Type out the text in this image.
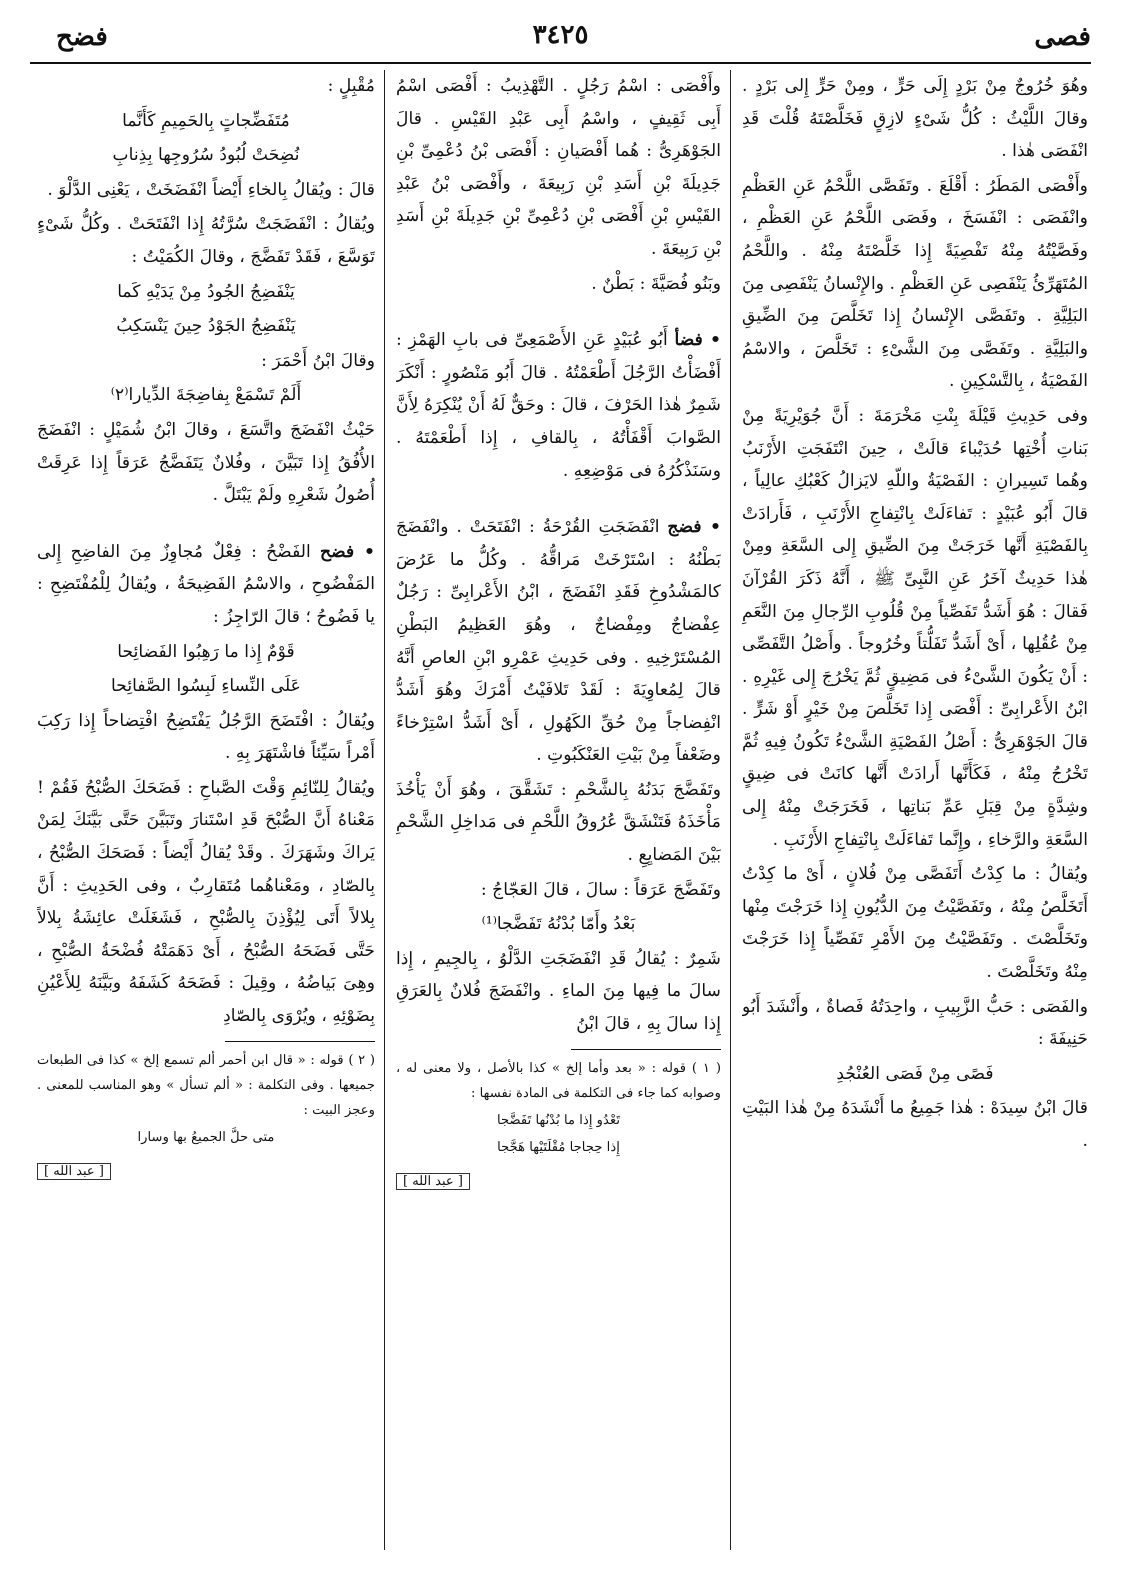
فصى
٣٤٢٥
فضح

وهُوَ خُرُوجٌ مِنْ بَرْدٍ إِلَى حَرٍّ ، ومِنْ حَرٍّ إِلى بَرْدٍ . وقالَ اللَّيْثُ : كُلُّ شَىْءٍ لازِقٍ فَخَلَّصْتَهُ قُلْتَ قَدِ انْفَصَى هٰذا .

وأَفْصَى المَطَرُ : أَقْلَعَ . وتَفَصَّى اللَّحْمُ عَنِ العَظْمِ وانْفَصَى : انْفَسَخَ ، وفَصَى اللَّحْمُ عَنِ العَظْمِ ، وفَصَّيْتُهُ مِنْهُ تَفْصِيَةً إِذا خَلَّصْتَهُ مِنْهُ . واللَّحْمُ المُتَهَرِّئُ يَنْفَصِى عَنِ العَظْمِ . والإِنْسانُ يَنْفَصِى مِنَ البَلِيَّةِ . وتَفَصَّى الإِنْسانُ إِذا تَخَلَّصَ مِنَ الضِّيقِ والبَلِيَّةِ . وتَفَصَّى مِنَ الشَّىْءِ : تَخَلَّصَ ، والاسْمُ الفَصْيَةُ ، بِالتَّسْكِينِ .

وفى حَدِيثِ قَيْلَةَ بِنْتِ مَخْرَمَةَ : أَنَّ جُوَيْرِيَةً مِنْ بَناتِ أُخْتِها حُدَيْباءَ قالَتْ ، حِينَ انْتَفَجَتِ الأَرْنَبُ وهُما تَسِيرانِ : الفَصْيَةُ واللّهِ لايَزالُ كَعْبُكِ عالِياً ، قالَ أَبُو عُبَيْدٍ : تَفاءَلَتْ بِانْتِفاجِ الأَرْنَبِ ، فَأَرادَتْ بِالفَصْيَةِ أَنَّها خَرَجَتْ مِنَ الضِّيقِ إِلى السَّعَةِ ومِنْ هٰذا حَدِيثٌ آخَرُ عَنِ النَّبِىِّ ﷺ ، أَنَّهُ ذَكَرَ القُرْآنَ فَقالَ : هُوَ أَشَدُّ تَفَصِّياً مِنْ قُلُوبِ الرِّجالِ مِنَ النَّعَمِ مِنْ عُقُلِها ، أَىْ أَشَدُّ تَفَلُّتاً وخُرُوجاً . وأَصْلُ التَّفَصِّى : أَنْ يَكُونَ الشَّىْءُ فى مَضِيقٍ ثُمَّ يَخْرُجَ إِلى غَيْرِهِ . ابْنُ الأَعْرابِىِّ : أَفْصَى إِذا تَخَلَّصَ مِنْ خَيْرٍ أَوْ شَرٍّ . قالَ الجَوْهَرِىُّ : أَصْلُ الفَصْيَةِ الشَّىْءُ تَكُونُ فِيهِ ثُمَّ تَخْرُجُ مِنْهُ ، فَكَأَنَّها أَرادَتْ أَنَّها كانَتْ فى ضِيقٍ وشِدَّةٍ مِنْ قِبَلِ عَمِّ بَناتِها ، فَخَرَجَتْ مِنْهُ إِلى السَّعَةِ والرَّخاءِ ، وإِنَّما تَفاءَلَتْ بِانْتِفاجِ الأَرْنَبِ .

ويُقالُ : ما كِدْتُ أَتَفَصَّى مِنْ فُلانٍ ، أَىْ ما كِدْتُ أَتَخَلَّصُ مِنْهُ ، وتَفَصَّيْتُ مِنَ الدُّيُونِ إِذا خَرَجْتَ مِنْها وتَخَلَّصْتَ . وتَفَصَّيْتُ مِنَ الأَمْرِ تَفَصِّياً إِذا خَرَجْتَ مِنْهُ وتَخَلَّصْتَ .

والفَصَى : حَبُّ الزَّبِيبِ ، واحِدَتُهُ فَصاةٌ ، وأَنْشَدَ أَبُو حَنِيفَةَ :

فَصًى مِنْ فَصَى العُنْجُدِ

قالَ ابْنُ سِيدَهْ : هٰذا جَمِيعُ ما أَنْشَدَهُ مِنْ هٰذا البَيْتِ .

وأَفْصَى : اسْمُ رَجُلٍ . التَّهْذِيبُ : أَفْصَى اسْمُ أَبِى ثَقِيفٍ ، واسْمُ أَبِى عَبْدِ القَيْسِ . قالَ الجَوْهَرِىُّ : هُما أَفْصَيانِ : أَفْصَى بْنُ دُعْمِىِّ بْنِ جَدِيلَةَ بْنِ أَسَدِ بْنِ رَبِيعَةَ ، وأَفْصَى بْنُ عَبْدِ القَيْسِ بْنِ أَفْصَى بْنِ دُعْمِىِّ بْنِ جَدِيلَةَ بْنِ أَسَدِ بْنِ رَبِيعَةَ .

وبَنُو فُصَيَّةَ : بَطْنٌ .

• فضأ أَبُو عُبَيْدٍ عَنِ الأَصْمَعِىِّ فى بابِ الهَمْزِ : أَفْضَأْتُ الرَّجُلَ أَطْعَمْتُهُ . قالَ أَبُو مَنْصُورٍ : أَنْكَرَ شَمِرٌ هٰذا الحَرْفَ ، قالَ : وحَقٌّ لَهُ أَنْ يُنْكِرَهُ لِأَنَّ الصَّوابَ أَقْفَأْتُهُ ، بِالقافِ ، إِذا أَطْعَمْتَهُ . وسَنَذْكُرُهُ فى مَوْضِعِهِ .

• فضج انْفَضَجَتِ القُرْحَةُ : انْفَتَحَتْ . وانْفَضَجَ بَطْنُهُ : اسْتَرْخَتْ مَراقُّهُ . وكُلُّ ما عَرُضَ كالمَشْدُوخِ فَقَدِ انْفَضَجَ ، ابْنُ الأَعْرابِىِّ : رَجُلٌ عِفْضاجٌ ومِفْضاجٌ ، وهُوَ العَظِيمُ البَطْنِ المُسْتَرْخِيهِ . وفى حَدِيثِ عَمْرِو ابْنِ العاصِ أَنَّهُ قالَ لِمُعاوِيَةَ : لَقَدْ تَلافَيْتُ أَمْرَكَ وهُوَ أَشَدُّ انْفِضاجاً مِنْ حُقِّ الكَهُولِ ، أَىْ أَشَدُّ اسْتِرْخاءً وضَعْفاً مِنْ بَيْتِ العَنْكَبُوتِ .

وتَفَضَّجَ بَدَنُهُ بِالشَّحْمِ : تَشَقَّقَ ، وهُوَ أَنْ يَأْخُذَ مَأْخَذَهُ فَتَنْشَقَّ عُرُوقُ اللَّحْمِ فى مَداخِلِ الشَّحْمِ بَيْنَ المَضايِعِ .

وتَفَضَّجَ عَرَقاً : سالَ ، قالَ العَجّاجُ :

بَعْدُ وأَمّا بُدْنُهُ تَفَضَّجا⁽¹⁾

شَمِرٌ : يُقالُ قَدِ انْفَضَجَتِ الدَّلْوُ ، بِالجِيمِ ، إِذا سالَ ما فِيها مِنَ الماءِ . وانْفَضَجَ فُلانٌ بِالعَرَقِ إِذا سالَ بِهِ ، قالَ ابْنُ

( ١ ) قوله : « بعد وأما إلخ » كذا بالأصل ، ولا معنى له ، وصوابه كما جاء فى التكلمة فى المادة نفسها :

تَعْدُو إِذا ما بُدْنُها تَفَضَّجا

إِذا حِجاجا مُقْلَتَيْها هَجَّجا

[ عبد الله ]

مُقْبِلٍ :

مُتَفَضِّجاتٍ بِالحَمِيمِ كَأَنَّما

نُضِحَتْ لُبُودُ سُرُوجِها بِذِنابِ

قالَ : ويُقالُ بِالخاءِ أَيْضاً انْفَضَخَتْ ، يَعْنِى الدَّلْوَ .

ويُقالُ : انْفَضَجَتْ سُرَّتُهُ إِذا انْفَتَحَتْ . وكُلُّ شَىْءٍ تَوَسَّعَ ، فَقَدْ تَفَضَّجَ ، وقالَ الكُمَيْتُ :

يَنْفَضِجُ الجُودُ مِنْ يَدَيْهِ كَما

يَنْفَضِجُ الجَوْدُ حِينَ يَنْسَكِبُ

وقالَ ابْنُ أَحْمَرَ :

أَلَمْ تَسْمَعْ بِفاضِجَةَ الدِّيارا⁽٢⁾

حَيْثُ انْفَضَجَ واتَّسَعَ ، وقالَ ابْنُ شُمَيْلٍ : انْفَضَجَ الأُفُقُ إِذا تَبَيَّنَ ، وفُلانٌ يَتَفَضَّجُ عَرَقاً إِذا عَرِقَتْ أُصُولُ شَعْرِهِ ولَمْ يَبْتَلَّ .

• فضح الفَضْحُ : فِعْلٌ مُجاوِزٌ مِنَ الفاضِحِ إِلى المَفْضُوحِ ، والاسْمُ الفَضِيحَةُ ، ويُقالُ لِلْمُفْتَضِحِ : يا فَضُوحُ ؛ قالَ الرّاجِزُ :

قَوْمٌ إِذا ما رَهِبُوا الفَضائِحا

عَلَى النِّساءِ لَبِسُوا الصَّفائِحا

ويُقالُ : افْتَضَحَ الرَّجُلُ يَفْتَضِحُ افْتِضاحاً إِذا رَكِبَ أَمْراً سَيِّئاً فاشْتَهَرَ بِهِ .

ويُقالُ لِلنّائِمِ وَقْتَ الصَّباحِ : فَضَحَكَ الصُّبْحُ فَقُمْ ! مَعْناهُ أَنَّ الصُّبْحَ قَدِ اسْتَنارَ وتَبَيَّنَ حَتَّى بَيَّنَكَ لِمَنْ يَراكَ وشَهَرَكَ . وقَدْ يُقالُ أَيْضاً : فَصَحَكَ الصُّبْحُ ، بِالصّادِ ، ومَعْناهُما مُتَقارِبٌ ، وفى الحَدِيثِ : أَنَّ بِلالاً أَتَى لِيُؤْذِنَ بِالصُّبْحِ ، فَشَغَلَتْ عائِشَةُ بِلالاً حَتَّى فَضَحَهُ الصُّبْحُ ، أَىْ دَهَمَتْهُ فُضْحَةُ الصُّبْحِ ، وهِىَ بَياضُهُ ، وقِيلَ : فَضَحَهُ كَشَفَهُ وبَيَّنَهُ لِلأَعْيُنِ بِضَوْئِهِ ، ويُرْوَى بِالصّادِ

( ٢ ) قوله : « قال ابن أحمر ألم تسمع إلخ » كذا فى الطبعات جميعها . وفى التكلمة : « ألم تسأل » وهو المناسب للمعنى . وعجز البيت :

متى حلَّ الجميعُ بها وسارا

[ عبد الله ]
